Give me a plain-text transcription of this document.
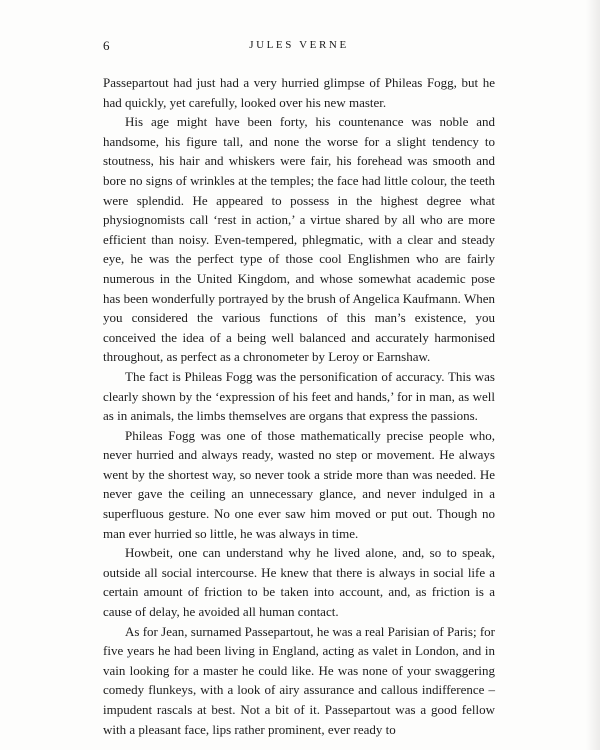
6	JULES VERNE

Passepartout had just had a very hurried glimpse of Phileas Fogg, but he had quickly, yet carefully, looked over his new master.

His age might have been forty, his countenance was noble and handsome, his figure tall, and none the worse for a slight tendency to stoutness, his hair and whiskers were fair, his forehead was smooth and bore no signs of wrinkles at the temples; the face had little colour, the teeth were splendid. He appeared to possess in the highest degree what physiognomists call ‘rest in action,’ a virtue shared by all who are more efficient than noisy. Even-tempered, phlegmatic, with a clear and steady eye, he was the perfect type of those cool Englishmen who are fairly numerous in the United Kingdom, and whose somewhat academic pose has been wonderfully portrayed by the brush of Angelica Kaufmann. When you considered the various functions of this man’s existence, you conceived the idea of a being well balanced and accurately harmonised throughout, as perfect as a chronometer by Leroy or Earnshaw.

The fact is Phileas Fogg was the personification of accuracy. This was clearly shown by the ‘expression of his feet and hands,’ for in man, as well as in animals, the limbs themselves are organs that express the passions.

Phileas Fogg was one of those mathematically precise people who, never hurried and always ready, wasted no step or movement. He always went by the shortest way, so never took a stride more than was needed. He never gave the ceiling an unnecessary glance, and never indulged in a superfluous gesture. No one ever saw him moved or put out. Though no man ever hurried so little, he was always in time.

Howbeit, one can understand why he lived alone, and, so to speak, outside all social intercourse. He knew that there is always in social life a certain amount of friction to be taken into account, and, as friction is a cause of delay, he avoided all human contact.

As for Jean, surnamed Passepartout, he was a real Parisian of Paris; for five years he had been living in England, acting as valet in London, and in vain looking for a master he could like. He was none of your swaggering comedy flunkeys, with a look of airy assurance and callous indifference – impudent rascals at best. Not a bit of it. Passepartout was a good fellow with a pleasant face, lips rather prominent, ever ready to
